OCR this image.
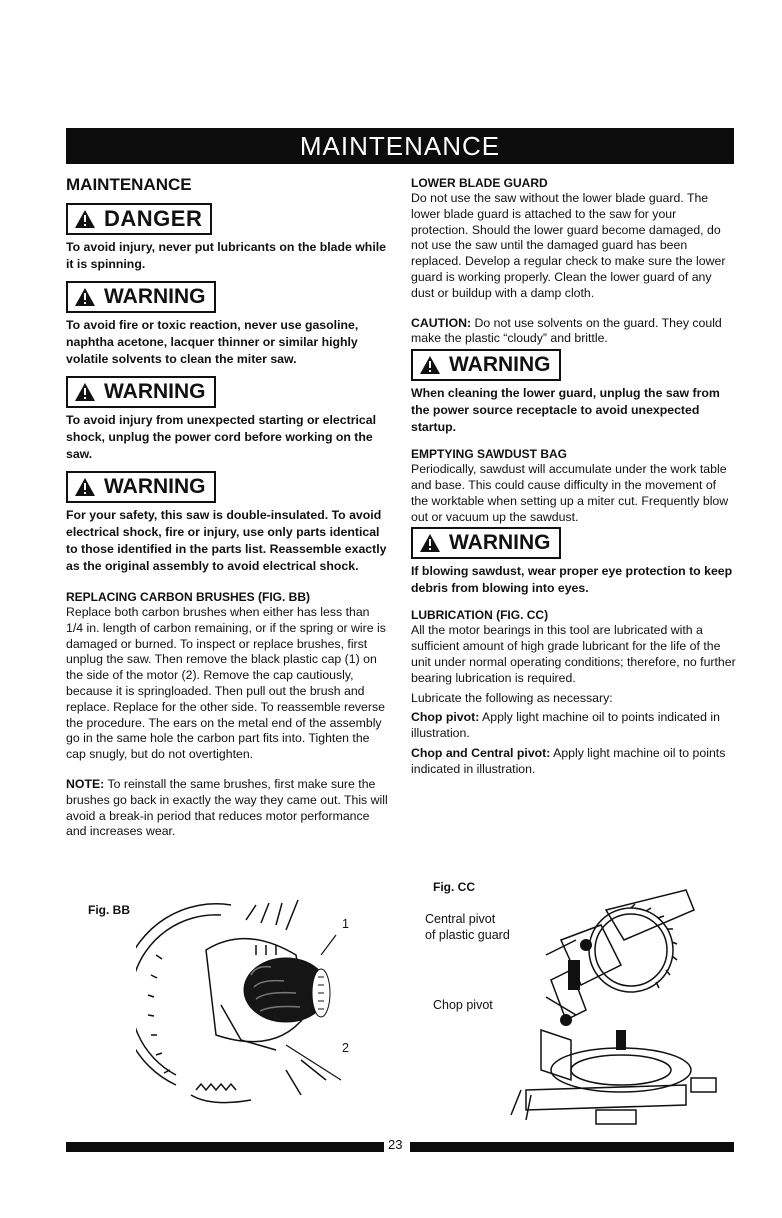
MAINTENANCE
MAINTENANCE
DANGER

To avoid injury, never put lubricants on the blade while it is spinning.

WARNING

To avoid fire or toxic reaction, never use gasoline, naphtha acetone, lacquer thinner or similar highly volatile solvents to clean the miter saw.

WARNING

To avoid injury from unexpected starting or electrical shock, unplug the power cord before working on the saw.

WARNING

For your safety, this saw is double-insulated. To avoid electrical shock, fire or injury, use only parts identical to those identified in the parts list. Reassemble exactly as the original assembly to avoid electrical shock.

REPLACING CARBON BRUSHES (FIG. BB)

Replace both carbon brushes when either has less than 1/4 in. length of carbon remaining, or if the spring or wire is damaged or burned. To inspect or replace brushes, first unplug the saw. Then remove the black plastic cap (1) on the side of the motor (2). Remove the cap cautiously, because it is springloaded. Then pull out the brush and replace. Replace for the other side. To reassemble reverse the procedure. The ears on the metal end of the assembly go in the same hole the carbon part fits into. Tighten the cap snugly, but do not overtighten.

NOTE: To reinstall the same brushes, first make sure the brushes go back in exactly the way they came out. This will avoid a break-in period that reduces motor performance and increases wear.

Fig. BB
1
2

LOWER BLADE GUARD

Do not use the saw without the lower blade guard. The lower blade guard is attached to the saw for your protection. Should the lower guard become damaged, do not use the saw until the damaged guard has been replaced. Develop a regular check to make sure the lower guard is working properly. Clean the lower guard of any dust or buildup with a damp cloth.

CAUTION: Do not use solvents on the guard. They could make the plastic “cloudy” and brittle.

WARNING

When cleaning the lower guard, unplug the saw from the power source receptacle to avoid unexpected startup.

EMPTYING SAWDUST BAG

Periodically, sawdust will accumulate under the work table and base. This could cause difficulty in the movement of the worktable when setting up a miter cut. Frequently blow out or vacuum up the sawdust.

WARNING

If blowing sawdust, wear proper eye protection to keep debris from blowing into eyes.

LUBRICATION (FIG. CC)

All the motor bearings in this tool are lubricated with a sufficient amount of high grade lubricant for the life of the unit under normal operating conditions; therefore, no further bearing lubrication is required.

Lubricate the following as necessary:

Chop pivot: Apply light machine oil to points indicated in illustration.

Chop and Central pivot: Apply light machine oil to points indicated in illustration.

Fig. CC
Central pivot
of plastic guard
Chop pivot
23
